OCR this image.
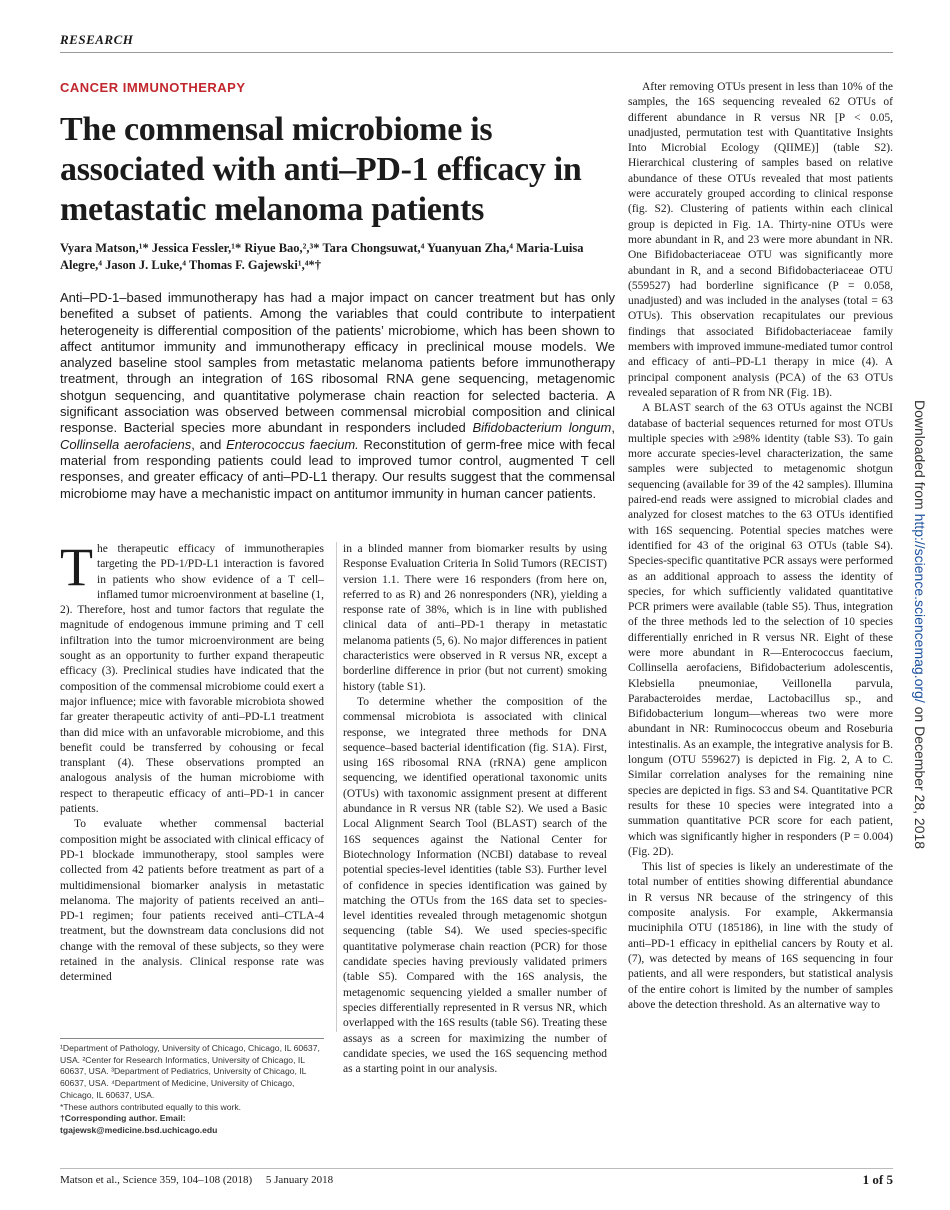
RESEARCH
CANCER IMMUNOTHERAPY
The commensal microbiome is associated with anti–PD-1 efficacy in metastatic melanoma patients
Vyara Matson,¹* Jessica Fessler,¹* Riyue Bao,²,³* Tara Chongsuwat,⁴ Yuanyuan Zha,⁴ Maria-Luisa Alegre,⁴ Jason J. Luke,⁴ Thomas F. Gajewski¹,⁴*†
Anti–PD-1–based immunotherapy has had a major impact on cancer treatment but has only benefited a subset of patients. Among the variables that could contribute to interpatient heterogeneity is differential composition of the patients’ microbiome, which has been shown to affect antitumor immunity and immunotherapy efficacy in preclinical mouse models. We analyzed baseline stool samples from metastatic melanoma patients before immunotherapy treatment, through an integration of 16S ribosomal RNA gene sequencing, metagenomic shotgun sequencing, and quantitative polymerase chain reaction for selected bacteria. A significant association was observed between commensal microbial composition and clinical response. Bacterial species more abundant in responders included Bifidobacterium longum, Collinsella aerofaciens, and Enterococcus faecium. Reconstitution of germ-free mice with fecal material from responding patients could lead to improved tumor control, augmented T cell responses, and greater efficacy of anti–PD-L1 therapy. Our results suggest that the commensal microbiome may have a mechanistic impact on antitumor immunity in human cancer patients.

The therapeutic efficacy of immunotherapies targeting the PD-1/PD-L1 interaction is favored in patients who show evidence of a T cell–inflamed tumor microenvironment at baseline (1, 2). Therefore, host and tumor factors that regulate the magnitude of endogenous immune priming and T cell infiltration into the tumor microenvironment are being sought as an opportunity to further expand therapeutic efficacy (3). Preclinical studies have indicated that the composition of the commensal microbiome could exert a major influence; mice with favorable microbiota showed far greater therapeutic activity of anti–PD-L1 treatment than did mice with an unfavorable microbiome, and this benefit could be transferred by cohousing or fecal transplant (4). These observations prompted an analogous analysis of the human microbiome with respect to therapeutic efficacy of anti–PD-1 in cancer patients.

To evaluate whether commensal bacterial composition might be associated with clinical efficacy of PD-1 blockade immunotherapy, stool samples were collected from 42 patients before treatment as part of a multidimensional biomarker analysis in metastatic melanoma. The majority of patients received an anti–PD-1 regimen; four patients received anti–CTLA-4 treatment, but the downstream data conclusions did not change with the removal of these subjects, so they were retained in the analysis. Clinical response rate was determined

in a blinded manner from biomarker results by using Response Evaluation Criteria In Solid Tumors (RECIST) version 1.1. There were 16 responders (from here on, referred to as R) and 26 nonresponders (NR), yielding a response rate of 38%, which is in line with published clinical data of anti–PD-1 therapy in metastatic melanoma patients (5, 6). No major differences in patient characteristics were observed in R versus NR, except a borderline difference in prior (but not current) smoking history (table S1).

To determine whether the composition of the commensal microbiota is associated with clinical response, we integrated three methods for DNA sequence–based bacterial identification (fig. S1A). First, using 16S ribosomal RNA (rRNA) gene amplicon sequencing, we identified operational taxonomic units (OTUs) with taxonomic assignment present at different abundance in R versus NR (table S2). We used a Basic Local Alignment Search Tool (BLAST) search of the 16S sequences against the National Center for Biotechnology Information (NCBI) database to reveal potential species-level identities (table S3). Further level of confidence in species identification was gained by matching the OTUs from the 16S data set to species-level identities revealed through metagenomic shotgun sequencing (table S4). We used species-specific quantitative polymerase chain reaction (PCR) for those candidate species having previously validated primers (table S5). Compared with the 16S analysis, the metagenomic sequencing yielded a smaller number of species differentially represented in R versus NR, which overlapped with the 16S results (table S6). Treating these assays as a screen for maximizing the number of candidate species, we used the 16S sequencing method as a starting point in our analysis.

After removing OTUs present in less than 10% of the samples, the 16S sequencing revealed 62 OTUs of different abundance in R versus NR [P < 0.05, unadjusted, permutation test with Quantitative Insights Into Microbial Ecology (QIIME)] (table S2). Hierarchical clustering of samples based on relative abundance of these OTUs revealed that most patients were accurately grouped according to clinical response (fig. S2). Clustering of patients within each clinical group is depicted in Fig. 1A. Thirty-nine OTUs were more abundant in R, and 23 were more abundant in NR. One Bifidobacteriaceae OTU was significantly more abundant in R, and a second Bifidobacteriaceae OTU (559527) had borderline significance (P = 0.058, unadjusted) and was included in the analyses (total = 63 OTUs). This observation recapitulates our previous findings that associated Bifidobacteriaceae family members with improved immune-mediated tumor control and efficacy of anti–PD-L1 therapy in mice (4). A principal component analysis (PCA) of the 63 OTUs revealed separation of R from NR (Fig. 1B).

A BLAST search of the 63 OTUs against the NCBI database of bacterial sequences returned for most OTUs multiple species with ≥98% identity (table S3). To gain more accurate species-level characterization, the same samples were subjected to metagenomic shotgun sequencing (available for 39 of the 42 samples). Illumina paired-end reads were assigned to microbial clades and analyzed for closest matches to the 63 OTUs identified with 16S sequencing. Potential species matches were identified for 43 of the original 63 OTUs (table S4). Species-specific quantitative PCR assays were performed as an additional approach to assess the identity of species, for which sufficiently validated quantitative PCR primers were available (table S5). Thus, integration of the three methods led to the selection of 10 species differentially enriched in R versus NR. Eight of these were more abundant in R—Enterococcus faecium, Collinsella aerofaciens, Bifidobacterium adolescentis, Klebsiella pneumoniae, Veillonella parvula, Parabacteroides merdae, Lactobacillus sp., and Bifidobacterium longum—whereas two were more abundant in NR: Ruminococcus obeum and Roseburia intestinalis. As an example, the integrative analysis for B. longum (OTU 559627) is depicted in Fig. 2, A to C. Similar correlation analyses for the remaining nine species are depicted in figs. S3 and S4. Quantitative PCR results for these 10 species were integrated into a summation quantitative PCR score for each patient, which was significantly higher in responders (P = 0.004) (Fig. 2D).

This list of species is likely an underestimate of the total number of entities showing differential abundance in R versus NR because of the stringency of this composite analysis. For example, Akkermansia muciniphila OTU (185186), in line with the study of anti–PD-1 efficacy in epithelial cancers by Routy et al. (7), was detected by means of 16S sequencing in four patients, and all were responders, but statistical analysis of the entire cohort is limited by the number of samples above the detection threshold. As an alternative way to

¹Department of Pathology, University of Chicago, Chicago, IL 60637, USA. ²Center for Research Informatics, University of Chicago, IL 60637, USA. ³Department of Pediatrics, University of Chicago, IL 60637, USA. ⁴Department of Medicine, University of Chicago, Chicago, IL 60637, USA.
*These authors contributed equally to this work.
†Corresponding author. Email: tgajewsk@medicine.bsd.uchicago.edu
Matson et al., Science 359, 104–108 (2018)     5 January 2018	1 of 5
Downloaded from http://science.sciencemag.org/ on December 28, 2018
